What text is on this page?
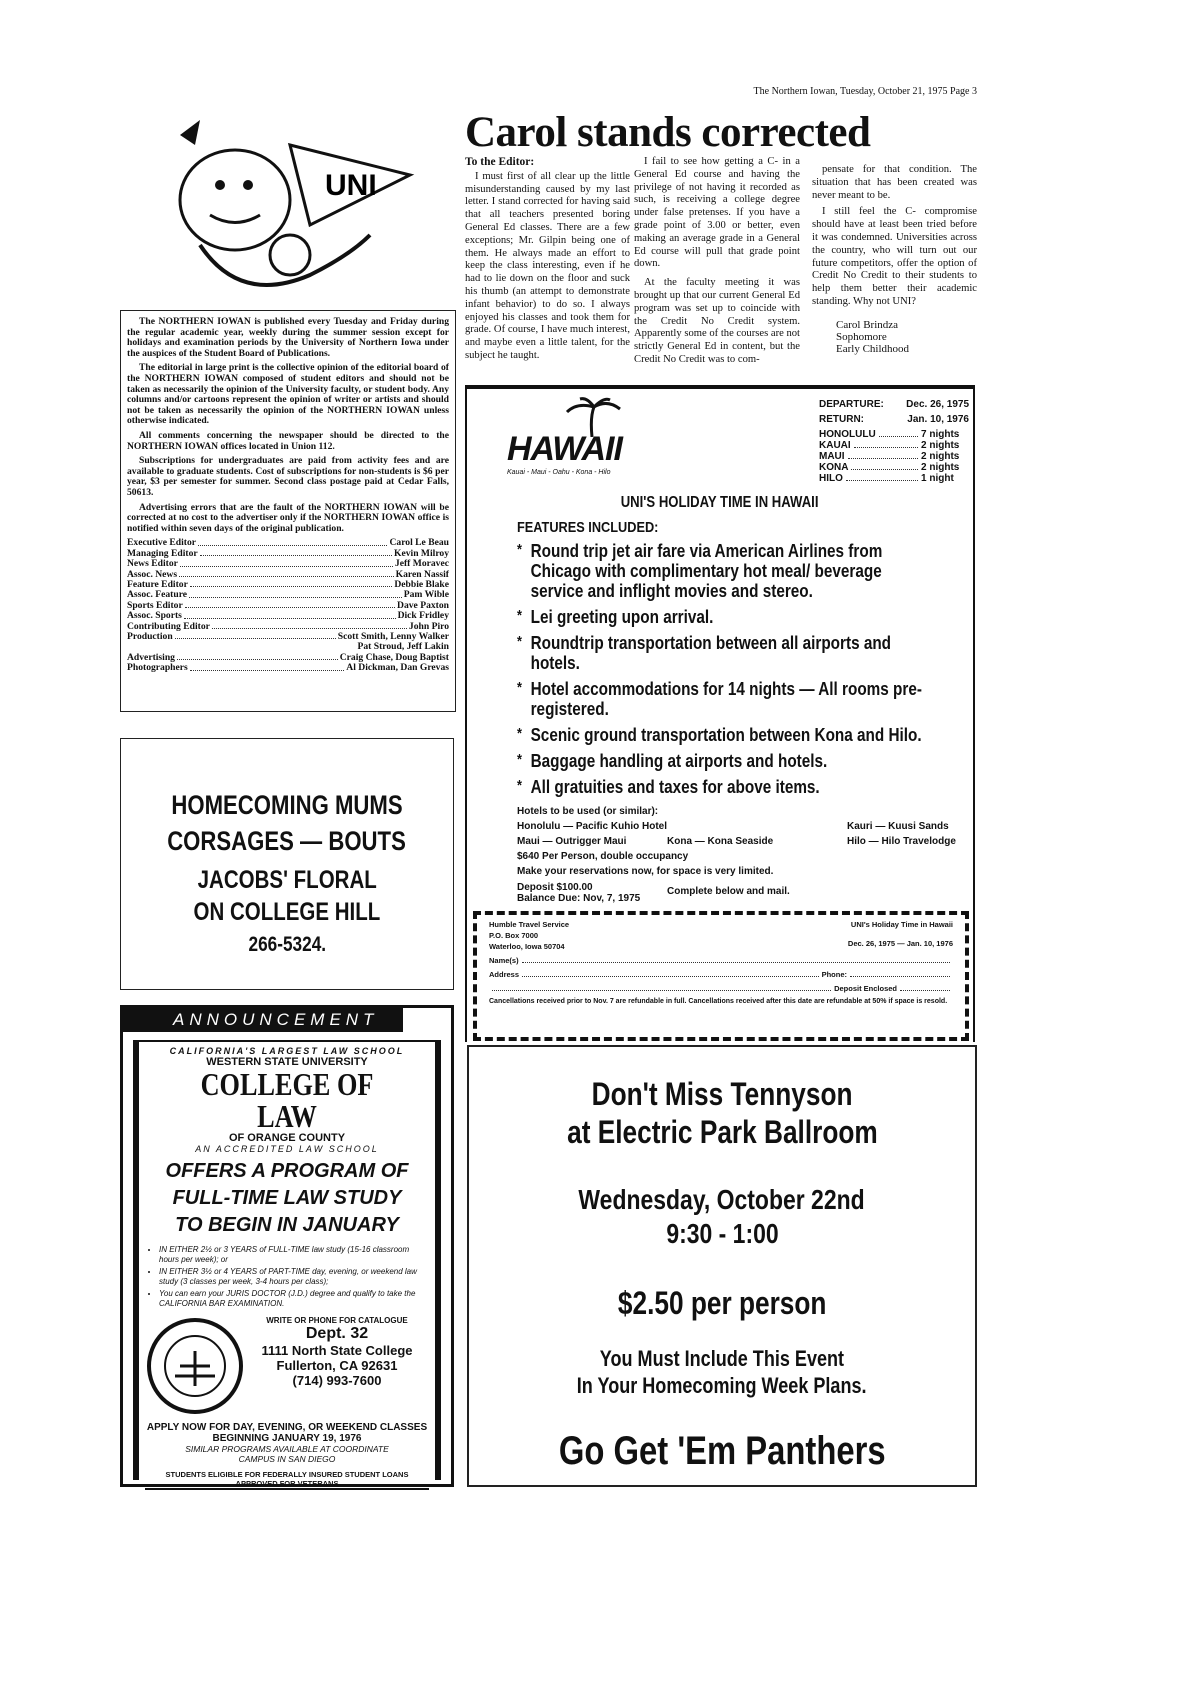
The Northern Iowan, Tuesday, October 21, 1975 Page 3
UNI

The NORTHERN IOWAN is published every Tuesday and Friday during the regular academic year, weekly during the summer session except for holidays and examination periods by the University of Northern Iowa under the auspices of the Student Board of Publications.

The editorial in large print is the collective opinion of the editorial board of the NORTHERN IOWAN composed of student editors and should not be taken as necessarily the opinion of the University faculty, or student body. Any columns and/or cartoons represent the opinion of writer or artists and should not be taken as necessarily the opinion of the NORTHERN IOWAN unless otherwise indicated.

All comments concerning the newspaper should be directed to the NORTHERN IOWAN offices located in Union 112.

Subscriptions for undergraduates are paid from activity fees and are available to graduate students. Cost of subscriptions for non-students is $6 per year, $3 per semester for summer. Second class postage paid at Cedar Falls, 50613.

Advertising errors that are the fault of the NORTHERN IOWAN will be corrected at no cost to the advertiser only if the NORTHERN IOWAN office is notified within seven days of the original publication.

Executive Editor	Carol Le Beau
Managing Editor	Kevin Milroy
News Editor	Jeff Moravec
Assoc. News	Karen Nassif
Feature Editor	Debbie Blake
Assoc. Feature	Pam Wible
Sports Editor	Dave Paxton
Assoc. Sports	Dick Fridley
Contributing Editor	John Piro
Production	Scott Smith, Lenny Walker
Pat Stroud, Jeff Lakin
Advertising	Craig Chase, Doug Baptist
Photographers	Al Dickman, Dan Grevas
Carol stands corrected
To the Editor:

I must first of all clear up the little misunderstanding caused by my last letter. I stand corrected for having said that all teachers presented boring General Ed classes. There are a few exceptions; Mr. Gilpin being one of them. He always made an effort to keep the class interesting, even if he had to lie down on the floor and suck his thumb (an attempt to demonstrate infant behavior) to do so. I always enjoyed his classes and took them for grade. Of course, I have much interest, and maybe even a little talent, for the subject he taught.

I fail to see how getting a C- in a General Ed course and having the privilege of not having it recorded as such, is receiving a college degree under false pretenses. If you have a grade point of 3.00 or better, even making an average grade in a General Ed course will pull that grade point down.

At the faculty meeting it was brought up that our current General Ed program was set up to coincide with the Credit No Credit system. Apparently some of the courses are not strictly General Ed in content, but the Credit No Credit was to com-

pensate for that condition. The situation that has been created was never meant to be.

I still feel the C- compromise should have at least been tried before it was condemned. Universities across the country, who will turn out our future competitors, offer the option of Credit No Credit to their students to help them better their academic standing. Why not UNI?

Carol Brindza
Sophomore
Early Childhood
HAWAII
Kauai - Maui - Oahu - Kona - Hilo
DEPARTURE: Dec. 26, 1975
RETURN:	Jan. 10, 1976
HONOLULU	7 nights
KAUAI	2 nights
MAUI	2 nights
KONA	2 nights
HILO	1 night
UNI'S HOLIDAY TIME IN HAWAII
FEATURES INCLUDED:
* Round trip jet air fare via American Airlines from Chicago with complimentary hot meal/ beverage service and inflight movies and stereo.
* Lei greeting upon arrival.
* Roundtrip transportation between all airports and hotels.
* Hotel accommodations for 14 nights — All rooms pre-registered.
* Scenic ground transportation between Kona and Hilo.
* Baggage handling at airports and hotels.
* All gratuities and taxes for above items.
Hotels to be used (or similar):
Honolulu — Pacific Kuhio Hotel	Kauri — Kuusi Sands
Maui — Outrigger Maui	Kona — Kona Seaside	Hilo — Hilo Travelodge
$640 Per Person, double occupancy
Make your reservations now, for space is very limited.
Deposit $100.00
Balance Due: Nov, 7, 1975
Complete below and mail.
Humble Travel Service
P.O. Box 7000
Waterloo, Iowa 50704
UNI's Holiday Time in Hawaii
Dec. 26, 1975 — Jan. 10, 1976
Name(s)
Address	Phone:
Deposit Enclosed
Cancellations received prior to Nov. 7 are refundable in full. Cancellations received after this date are refundable at 50% if space is resold.
HOMECOMING MUMS
CORSAGES — BOUTS
JACOBS' FLORAL
ON COLLEGE HILL
266-5324.
ANNOUNCEMENT
CALIFORNIA'S LARGEST LAW SCHOOL
WESTERN STATE UNIVERSITY
COLLEGE OF LAW
OF ORANGE COUNTY
AN ACCREDITED LAW SCHOOL
OFFERS A PROGRAM OF
FULL-TIME LAW STUDY
TO BEGIN IN JANUARY
• IN EITHER 2½ or 3 YEARS of FULL-TIME law study (15-16 classroom hours per week); or
• IN EITHER 3½ or 4 YEARS of PART-TIME day, evening, or weekend law study (3 classes per week, 3-4 hours per class);
• You can earn your JURIS DOCTOR (J.D.) degree and qualify to take the CALIFORNIA BAR EXAMINATION.
WRITE OR PHONE FOR CATALOGUE
Dept. 32
1111 North State College
Fullerton, CA 92631
(714) 993-7600
APPLY NOW FOR DAY, EVENING, OR WEEKEND CLASSES BEGINNING JANUARY 19, 1976
SIMILAR PROGRAMS AVAILABLE AT COORDINATE CAMPUS IN SAN DIEGO
STUDENTS ELIGIBLE FOR FEDERALLY INSURED STUDENT LOANS
APPROVED FOR VETERANS
Don't Miss Tennyson
at Electric Park Ballroom
Wednesday, October 22nd
9:30 - 1:00
$2.50 per person
You Must Include This Event
In Your Homecoming Week Plans.
Go Get 'Em Panthers
